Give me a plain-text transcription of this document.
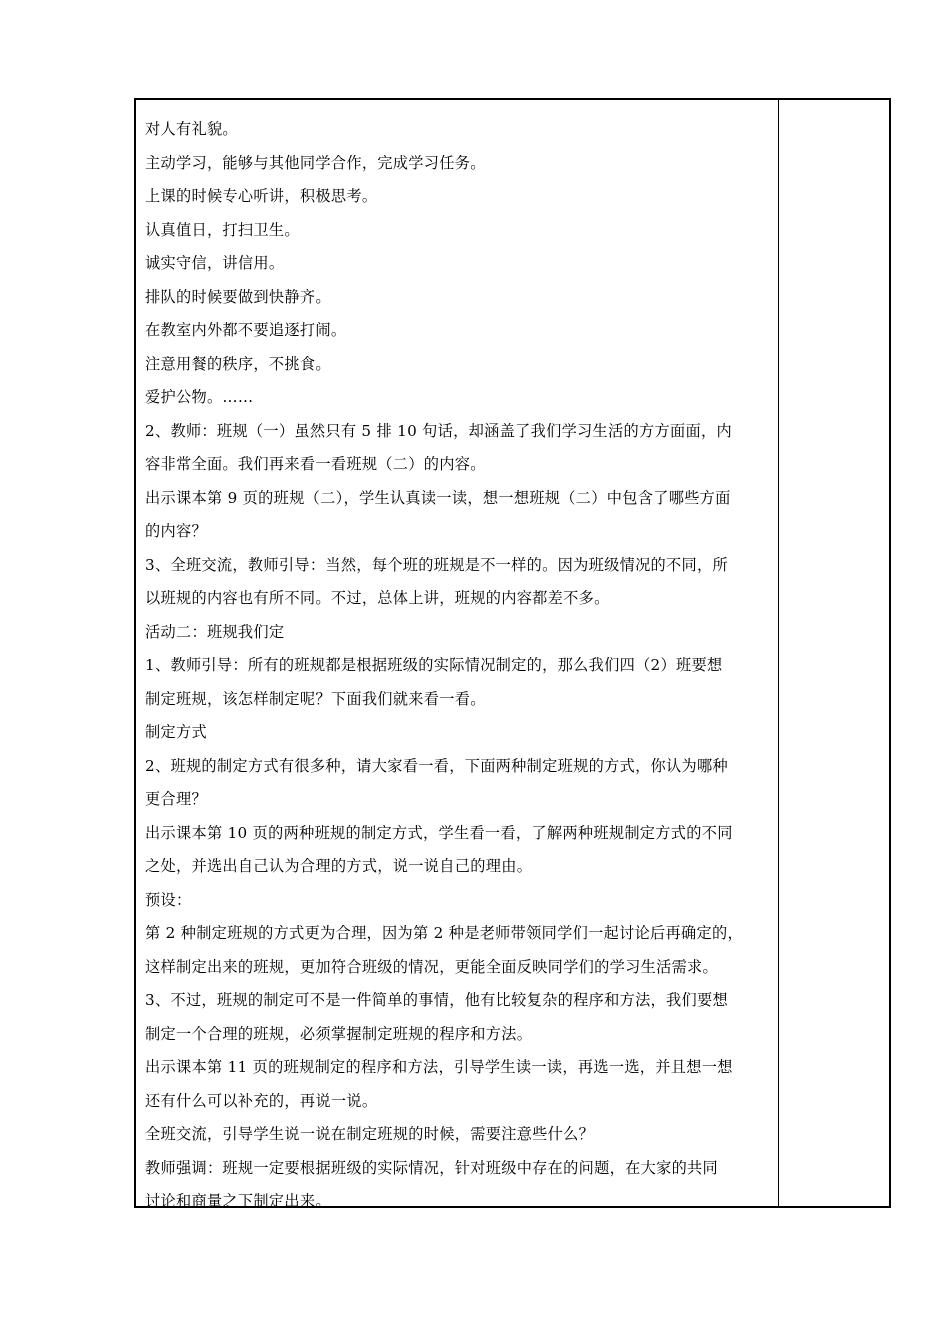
对人有礼貌。
主动学习，能够与其他同学合作，完成学习任务。
上课的时候专心听讲，积极思考。
认真值日，打扫卫生。
诚实守信，讲信用。
排队的时候要做到快静齐。
在教室内外都不要追逐打闹。
注意用餐的秩序，不挑食。
爱护公物。……
2、教师：班规（一）虽然只有 5 排 10 句话，却涵盖了我们学习生活的方方面面，内
容非常全面。我们再来看一看班规（二）的内容。
出示课本第 9 页的班规（二），学生认真读一读，想一想班规（二）中包含了哪些方面
的内容？
3、全班交流，教师引导：当然，每个班的班规是不一样的。因为班级情况的不同，所
以班规的内容也有所不同。不过，总体上讲，班规的内容都差不多。
活动二：班规我们定
1、教师引导：所有的班规都是根据班级的实际情况制定的，那么我们四（2）班要想
制定班规，该怎样制定呢？下面我们就来看一看。
制定方式
2、班规的制定方式有很多种，请大家看一看，下面两种制定班规的方式，你认为哪种
更合理？
出示课本第 10 页的两种班规的制定方式，学生看一看，了解两种班规制定方式的不同
之处，并选出自己认为合理的方式，说一说自己的理由。
预设：
第 2 种制定班规的方式更为合理，因为第 2 种是老师带领同学们一起讨论后再确定的，
这样制定出来的班规，更加符合班级的情况，更能全面反映同学们的学习生活需求。
3、不过，班规的制定可不是一件简单的事情，他有比较复杂的程序和方法，我们要想
制定一个合理的班规，必须掌握制定班规的程序和方法。
出示课本第 11 页的班规制定的程序和方法，引导学生读一读，再选一选，并且想一想
还有什么可以补充的，再说一说。
全班交流，引导学生说一说在制定班规的时候，需要注意些什么？
教师强调：班规一定要根据班级的实际情况，针对班级中存在的问题，在大家的共同
讨论和商量之下制定出来。
